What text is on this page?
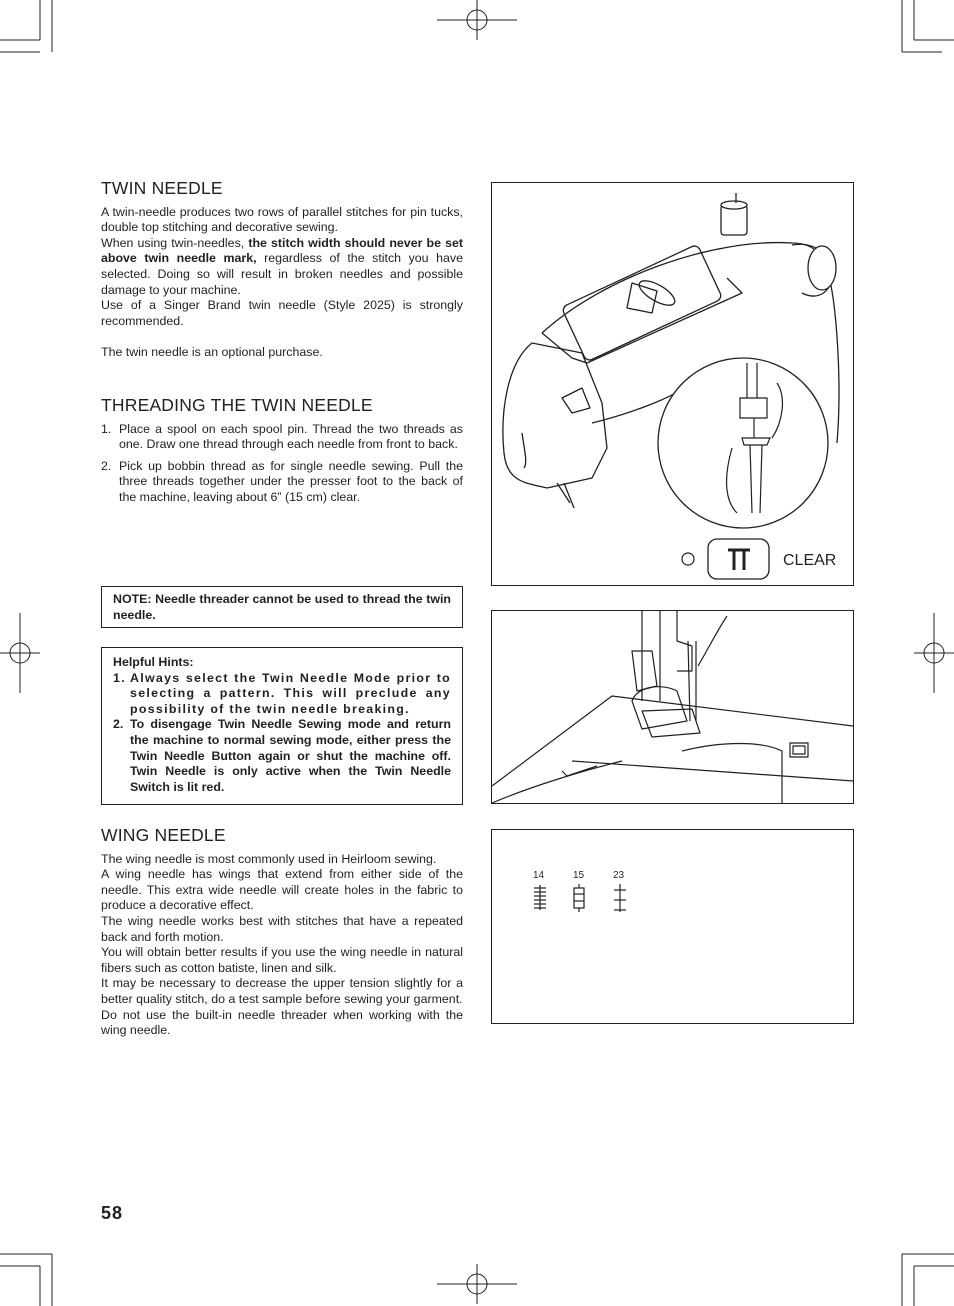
TWIN NEEDLE

A twin-needle produces two rows of parallel stitches for pin tucks, double top stitching and decorative sewing.

When using twin-needles, the stitch width should never be set above twin needle mark, regardless of the stitch you have selected. Doing so will result in broken needles and possible damage to your machine.

Use of a Singer Brand twin needle (Style 2025) is strongly recommended.

The twin needle is an optional purchase.

THREADING THE TWIN NEEDLE
1. Place a spool on each spool pin. Thread the two threads as one. Draw one thread through each needle from front to back.
2. Pick up bobbin thread as for single needle sewing. Pull the three threads together under the presser foot to the back of the machine, leaving about 6” (15 cm) clear.

NOTE: Needle threader cannot be used to thread the twin needle.

Helpful Hints:
1. Always select the Twin Needle Mode prior to selecting a pattern. This will preclude any possibility of the twin needle breaking.
2. To disengage Twin Needle Sewing mode and return the machine to normal sewing mode, either press the Twin Needle Button again or shut the machine off. Twin Needle is only active when the Twin Needle Switch is lit red.
WING NEEDLE

The wing needle is most commonly used in Heirloom sewing.

A wing needle has wings that extend from either side of the needle. This extra wide needle will create holes in the fabric to produce a decorative effect.

The wing needle works best with stitches that have a repeated back and forth motion.

You will obtain better results if you use the wing needle in natural fibers such as cotton batiste, linen and silk.

It may be necessary to decrease the upper tension slightly for a better quality stitch, do a test sample before sewing your garment.

Do not use the built-in needle threader when working with the wing needle.

CLEAR
14	15	23
58
